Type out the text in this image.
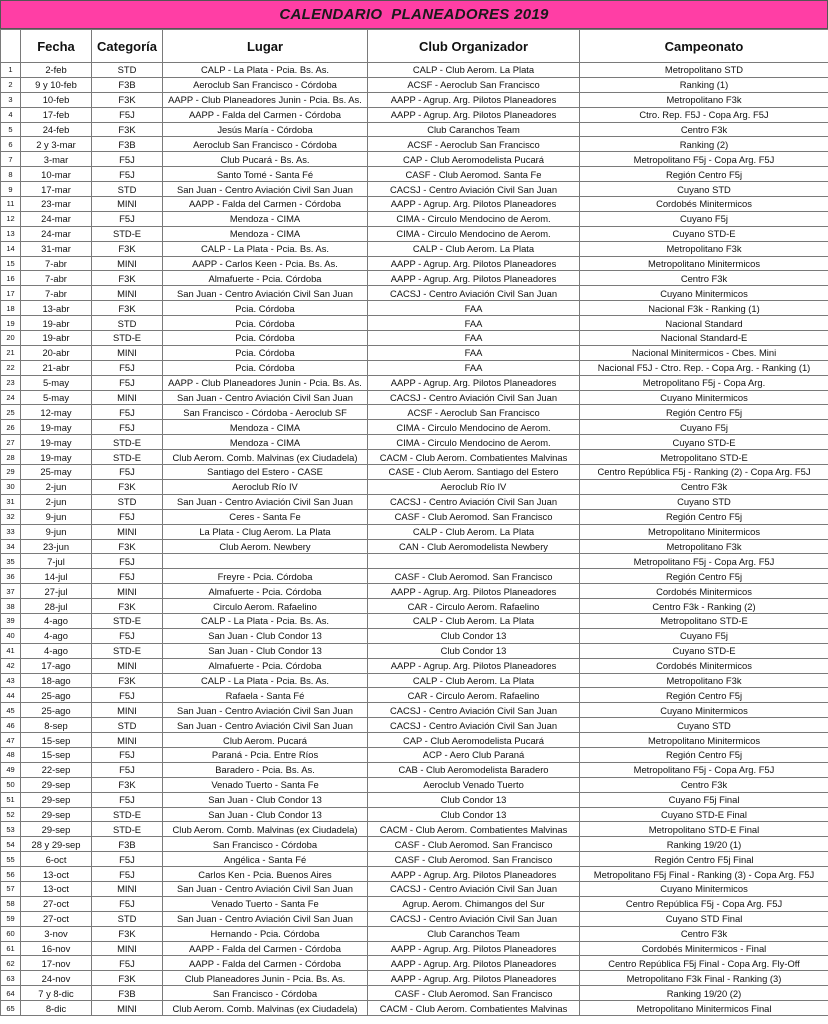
CALENDARIO  PLANEADORES 2019
	Fecha	Categoría	Lugar	Club Organizador	Campeonato
1	2-feb	STD	CALP - La Plata - Pcia. Bs. As.	CALP - Club Aerom. La Plata	Metropolitano STD
2	9 y 10-feb	F3B	Aeroclub San Francisco - Córdoba	ACSF - Aeroclub San Francisco	Ranking (1)
3	10-feb	F3K	AAPP - Club Planeadores Junin - Pcia. Bs. As.	AAPP - Agrup. Arg. Pilotos Planeadores	Metropolitano F3k
4	17-feb	F5J	AAPP - Falda del Carmen - Córdoba	AAPP - Agrup. Arg. Pilotos Planeadores	Ctro. Rep. F5J - Copa Arg. F5J
5	24-feb	F3K	Jesús María - Córdoba	Club Caranchos Team	Centro F3k
6	2 y 3-mar	F3B	Aeroclub San Francisco - Córdoba	ACSF - Aeroclub San Francisco	Ranking (2)
7	3-mar	F5J	Club Pucará - Bs. As.	CAP - Club Aeromodelista Pucará	Metropolitano F5j - Copa Arg. F5J
8	10-mar	F5J	Santo Tomé - Santa Fé	CASF - Club Aeromod. Santa Fe	Región Centro F5j
9	17-mar	STD	San Juan - Centro Aviación Civil San Juan	CACSJ - Centro Aviación Civil San Juan	Cuyano STD
11	23-mar	MINI	AAPP - Falda del Carmen - Córdoba	AAPP - Agrup. Arg. Pilotos Planeadores	Cordobés Minitermicos
12	24-mar	F5J	Mendoza - CIMA	CIMA - Circulo Mendocino de Aerom.	Cuyano F5j
13	24-mar	STD-E	Mendoza - CIMA	CIMA - Circulo Mendocino de Aerom.	Cuyano STD-E
14	31-mar	F3K	CALP - La Plata - Pcia. Bs. As.	CALP - Club Aerom. La Plata	Metropolitano F3k
15	7-abr	MINI	AAPP - Carlos Keen - Pcia. Bs. As.	AAPP - Agrup. Arg. Pilotos Planeadores	Metropolitano Minitermicos
16	7-abr	F3K	Almafuerte - Pcia. Córdoba	AAPP - Agrup. Arg. Pilotos Planeadores	Centro F3k
17	7-abr	MINI	San Juan - Centro Aviación Civil San Juan	CACSJ - Centro Aviación Civil San Juan	Cuyano Minitermicos
18	13-abr	F3K	Pcia. Córdoba	FAA	Nacional F3k - Ranking (1)
19	19-abr	STD	Pcia. Córdoba	FAA	Nacional Standard
20	19-abr	STD-E	Pcia. Córdoba	FAA	Nacional Standard-E
21	20-abr	MINI	Pcia. Córdoba	FAA	Nacional Minitermicos - Cbes. Mini
22	21-abr	F5J	Pcia. Córdoba	FAA	Nacional F5J - Ctro. Rep. - Copa Arg. - Ranking (1)
23	5-may	F5J	AAPP - Club Planeadores Junin - Pcia. Bs. As.	AAPP - Agrup. Arg. Pilotos Planeadores	Metropolitano F5j - Copa Arg.
24	5-may	MINI	San Juan - Centro Aviación Civil San Juan	CACSJ - Centro Aviación Civil San Juan	Cuyano Minitermicos
25	12-may	F5J	San Francisco - Córdoba - Aeroclub SF	ACSF - Aeroclub San Francisco	Región Centro F5j
26	19-may	F5J	Mendoza - CIMA	CIMA - Circulo Mendocino de Aerom.	Cuyano F5j
27	19-may	STD-E	Mendoza - CIMA	CIMA - Circulo Mendocino de Aerom.	Cuyano STD-E
28	19-may	STD-E	Club Aerom. Comb. Malvinas (ex Ciudadela)	CACM - Club Aerom. Combatientes Malvinas	Metropolitano STD-E
29	25-may	F5J	Santiago del Estero - CASE	CASE - Club Aerom. Santiago del Estero	Centro República F5j - Ranking (2) - Copa Arg. F5J
30	2-jun	F3K	Aeroclub Río IV	Aeroclub Río IV	Centro F3k
31	2-jun	STD	San Juan - Centro Aviación Civil San Juan	CACSJ - Centro Aviación Civil San Juan	Cuyano STD
32	9-jun	F5J	Ceres - Santa Fe	CASF - Club Aeromod. San Francisco	Región Centro F5j
33	9-jun	MINI	La Plata - Clug Aerom. La Plata	CALP - Club Aerom. La Plata	Metropolitano Minitermicos
34	23-jun	F3K	Club Aerom. Newbery	CAN - Club Aeromodelista Newbery	Metropolitano F3k
35	7-jul	F5J			Metropolitano F5j - Copa Arg. F5J
36	14-jul	F5J	Freyre - Pcia. Córdoba	CASF - Club Aeromod. San Francisco	Región Centro F5j
37	27-jul	MINI	Almafuerte - Pcia. Córdoba	AAPP - Agrup. Arg. Pilotos Planeadores	Cordobés Minitermicos
38	28-jul	F3K	Circulo Aerom. Rafaelino	CAR - Circulo Aerom. Rafaelino	Centro F3k - Ranking (2)
39	4-ago	STD-E	CALP - La Plata - Pcia. Bs. As.	CALP - Club Aerom. La Plata	Metropolitano STD-E
40	4-ago	F5J	San Juan - Club Condor 13	Club Condor 13	Cuyano F5j
41	4-ago	STD-E	San Juan - Club Condor 13	Club Condor 13	Cuyano STD-E
42	17-ago	MINI	Almafuerte - Pcia. Córdoba	AAPP - Agrup. Arg. Pilotos Planeadores	Cordobés Minitermicos
43	18-ago	F3K	CALP - La Plata - Pcia. Bs. As.	CALP - Club Aerom. La Plata	Metropolitano F3k
44	25-ago	F5J	Rafaela - Santa Fé	CAR - Circulo Aerom. Rafaelino	Región Centro F5j
45	25-ago	MINI	San Juan - Centro Aviación Civil San Juan	CACSJ - Centro Aviación Civil San Juan	Cuyano Minitermicos
46	8-sep	STD	San Juan - Centro Aviación Civil San Juan	CACSJ - Centro Aviación Civil San Juan	Cuyano STD
47	15-sep	MINI	Club Aerom. Pucará	CAP - Club Aeromodelista Pucará	Metropolitano Minitermicos
48	15-sep	F5J	Paraná - Pcia. Entre Ríos	ACP - Aero Club Paraná	Región Centro F5j
49	22-sep	F5J	Baradero - Pcia. Bs. As.	CAB - Club Aeromodelista Baradero	Metropolitano F5j - Copa Arg. F5J
50	29-sep	F3K	Venado Tuerto - Santa Fe	Aeroclub Venado Tuerto	Centro F3k
51	29-sep	F5J	San Juan - Club Condor 13	Club Condor 13	Cuyano F5j Final
52	29-sep	STD-E	San Juan - Club Condor 13	Club Condor 13	Cuyano STD-E Final
53	29-sep	STD-E	Club Aerom. Comb. Malvinas (ex Ciudadela)	CACM - Club Aerom. Combatientes Malvinas	Metropolitano STD-E Final
54	28 y 29-sep	F3B	San Francisco - Córdoba	CASF - Club Aeromod. San Francisco	Ranking 19/20 (1)
55	6-oct	F5J	Angélica - Santa Fé	CASF - Club Aeromod. San Francisco	Región Centro F5j Final
56	13-oct	F5J	Carlos Ken - Pcia. Buenos Aires	AAPP - Agrup. Arg. Pilotos Planeadores	Metropolitano F5j Final - Ranking (3) - Copa Arg. F5J
57	13-oct	MINI	San Juan - Centro Aviación Civil San Juan	CACSJ - Centro Aviación Civil San Juan	Cuyano Minitermicos
58	27-oct	F5J	Venado Tuerto - Santa Fe	Agrup. Aerom. Chimangos del Sur	Centro República F5j - Copa Arg. F5J
59	27-oct	STD	San Juan - Centro Aviación Civil San Juan	CACSJ - Centro Aviación Civil San Juan	Cuyano STD Final
60	3-nov	F3K	Hernando - Pcia. Córdoba	Club Caranchos Team	Centro F3k
61	16-nov	MINI	AAPP - Falda del Carmen - Córdoba	AAPP - Agrup. Arg. Pilotos Planeadores	Cordobés Minitermicos - Final
62	17-nov	F5J	AAPP - Falda del Carmen - Córdoba	AAPP - Agrup. Arg. Pilotos Planeadores	Centro República F5j Final - Copa Arg. Fly-Off
63	24-nov	F3K	Club Planeadores Junin - Pcia. Bs. As.	AAPP - Agrup. Arg. Pilotos Planeadores	Metropolitano F3k Final - Ranking (3)
64	7 y 8-dic	F3B	San Francisco - Córdoba	CASF - Club Aeromod. San Francisco	Ranking 19/20 (2)
65	8-dic	MINI	Club Aerom. Comb. Malvinas (ex Ciudadela)	CACM - Club Aerom. Combatientes Malvinas	Metropolitano Minitermicos Final
